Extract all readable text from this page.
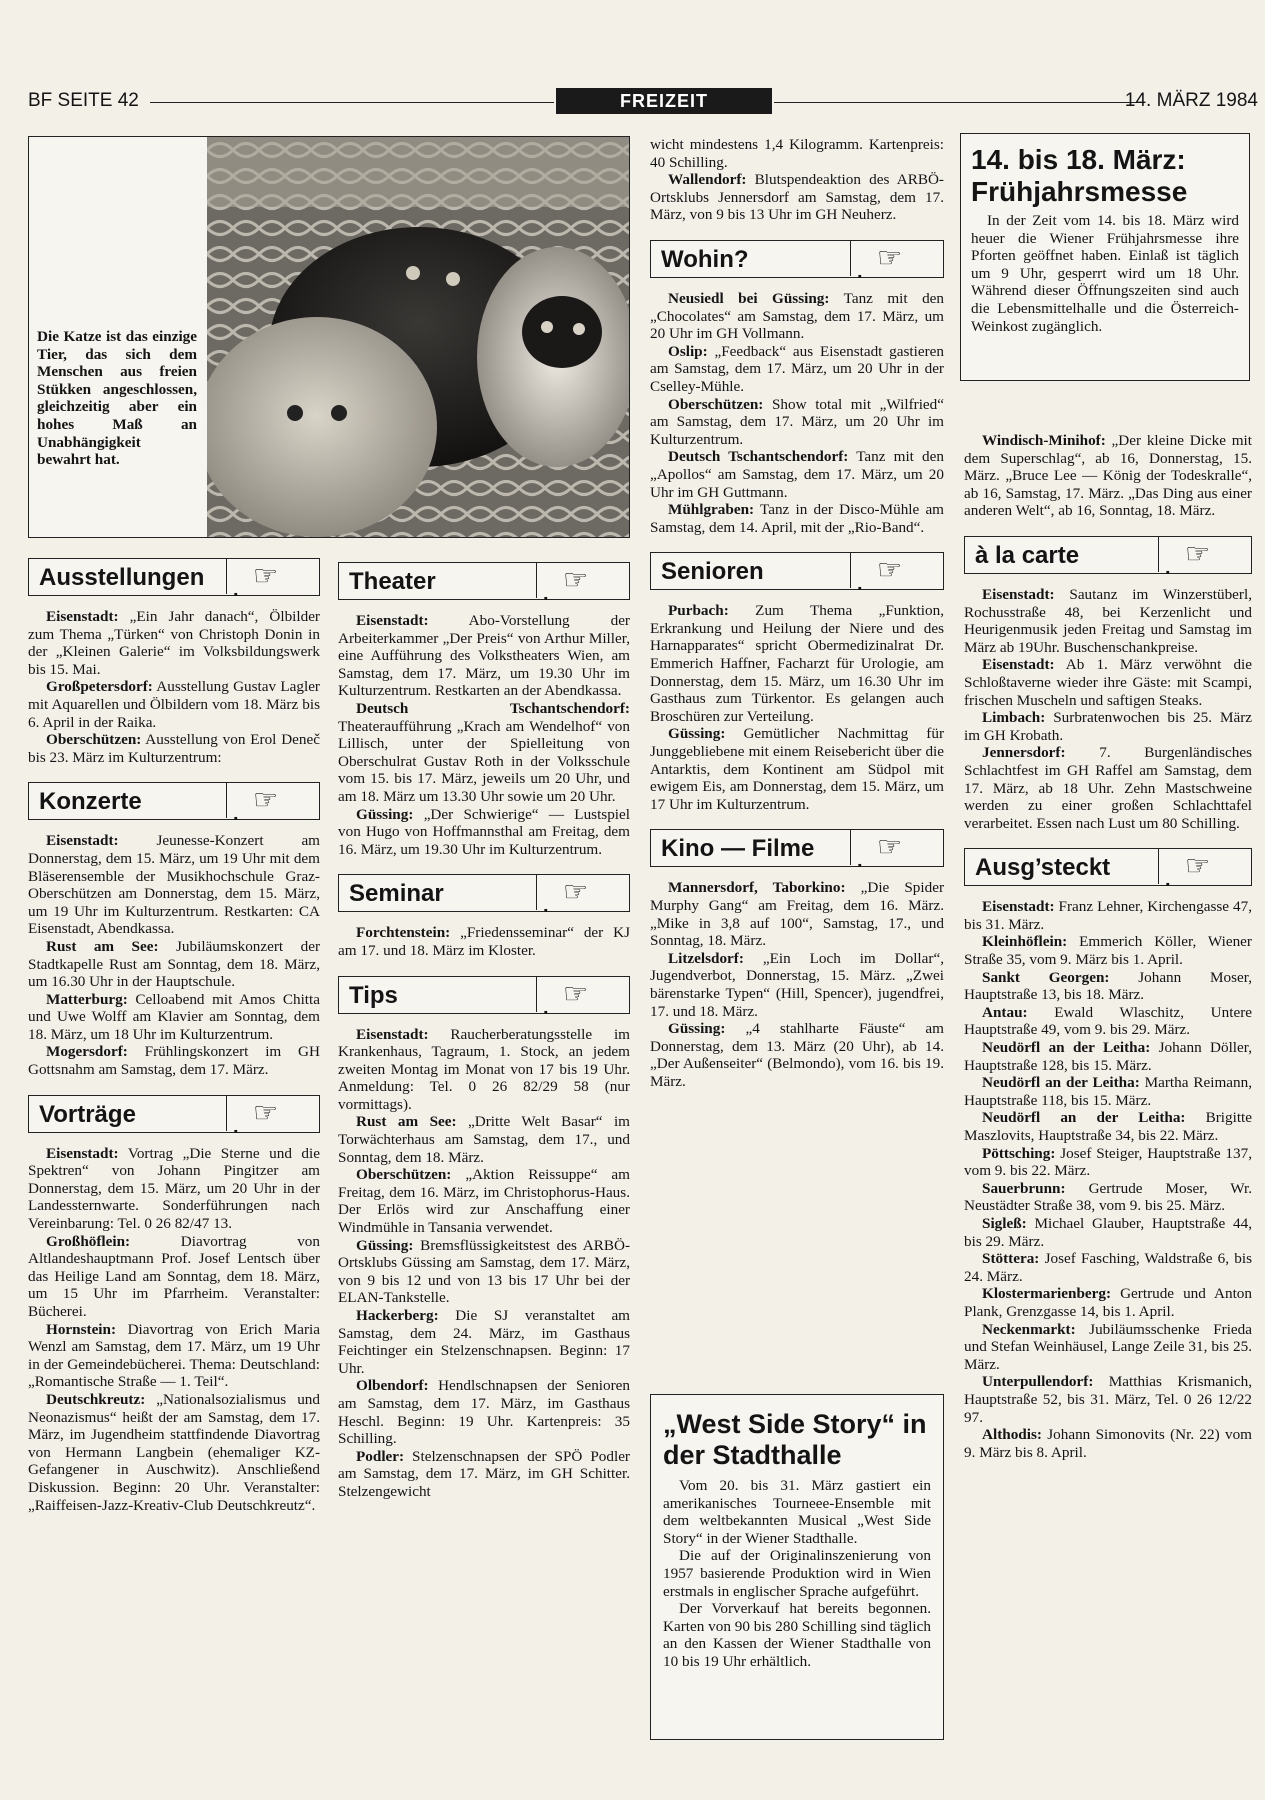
BF SEITE 42	FREIZEIT	14. MÄRZ 1984
Die Katze ist das einzige Tier, das sich dem Menschen aus freien Stükken angeschlossen, gleichzeitig aber ein hohes Maß an Unabhängigkeit bewahrt hat.
Ausstellungen . ☞

Eisenstadt: „Ein Jahr danach“, Ölbilder zum Thema „Türken“ von Christoph Donin in der „Kleinen Galerie“ im Volksbildungswerk bis 15. Mai.

Großpetersdorf: Ausstellung Gustav Lagler mit Aquarellen und Ölbildern vom 18. März bis 6. April in der Raika.

Oberschützen: Ausstellung von Erol Deneč bis 23. März im Kulturzentrum:

Konzerte	. ☞

Eisenstadt: Jeunesse-Konzert am Donnerstag, dem 15. März, um 19 Uhr mit dem Bläserensemble der Musikhochschule Graz-Oberschützen am Donnerstag, dem 15. März, um 19 Uhr im Kulturzentrum. Restkarten: CA Eisenstadt, Abendkassa.

Rust am See: Jubiläumskonzert der Stadtkapelle Rust am Sonntag, dem 18. März, um 16.30 Uhr in der Hauptschule.

Matterburg: Celloabend mit Amos Chitta und Uwe Wolff am Klavier am Sonntag, dem 18. März, um 18 Uhr im Kulturzentrum.

Mogersdorf: Frühlingskonzert im GH Gottsnahm am Samstag, dem 17. März.

Vorträge	. ☞

Eisenstadt: Vortrag „Die Sterne und die Spektren“ von Johann Pingitzer am Donnerstag, dem 15. März, um 20 Uhr in der Landessternwarte. Sonderführungen nach Vereinbarung: Tel. 0 26 82/47 13.

Großhöflein: Diavortrag von Altlandeshauptmann Prof. Josef Lentsch über das Heilige Land am Sonntag, dem 18. März, um 15 Uhr im Pfarrheim. Veranstalter: Bücherei.

Hornstein: Diavortrag von Erich Maria Wenzl am Samstag, dem 17. März, um 19 Uhr in der Gemeindebücherei. Thema: Deutschland: „Romantische Straße — 1. Teil“.

Deutschkreutz: „Nationalsozialismus und Neonazismus“ heißt der am Samstag, dem 17. März, im Jugendheim stattfindende Diavortrag von Hermann Langbein (ehemaliger KZ-Gefangener in Auschwitz). Anschließend Diskussion. Beginn: 20 Uhr. Veranstalter: „Raiffeisen-Jazz-Kreativ-Club Deutschkreutz“.

Theater	. ☞

Eisenstadt: Abo-Vorstellung der Arbeiterkammer „Der Preis“ von Arthur Miller, eine Aufführung des Volkstheaters Wien, am Samstag, dem 17. März, um 19.30 Uhr im Kulturzentrum. Restkarten an der Abendkassa.

Deutsch Tschantschendorf: Theateraufführung „Krach am Wendelhof“ von Lillisch, unter der Spielleitung von Oberschulrat Gustav Roth in der Volksschule vom 15. bis 17. März, jeweils um 20 Uhr, und am 18. März um 13.30 Uhr sowie um 20 Uhr.

Güssing: „Der Schwierige“ — Lustspiel von Hugo von Hoffmannsthal am Freitag, dem 16. März, um 19.30 Uhr im Kulturzentrum.

Seminar	. ☞

Forchtenstein: „Friedensseminar“ der KJ am 17. und 18. März im Kloster.

Tips	. ☞

Eisenstadt: Raucherberatungsstelle im Krankenhaus, Tagraum, 1. Stock, an jedem zweiten Montag im Monat von 17 bis 19 Uhr. Anmeldung: Tel. 0 26 82/29 58 (nur vormittags).

Rust am See: „Dritte Welt Basar“ im Torwächterhaus am Samstag, dem 17., und Sonntag, dem 18. März.

Oberschützen: „Aktion Reissuppe“ am Freitag, dem 16. März, im Christophorus-Haus. Der Erlös wird zur Anschaffung einer Windmühle in Tansania verwendet.

Güssing: Bremsflüssigkeitstest des ARBÖ-Ortsklubs Güssing am Samstag, dem 17. März, von 9 bis 12 und von 13 bis 17 Uhr bei der ELAN-Tankstelle.

Hackerberg: Die SJ veranstaltet am Samstag, dem 24. März, im Gasthaus Feichtinger ein Stelzenschnapsen. Beginn: 17 Uhr.

Olbendorf: Hendlschnapsen der Senioren am Samstag, dem 17. März, im Gasthaus Heschl. Beginn: 19 Uhr. Kartenpreis: 35 Schilling.

Podler: Stelzenschnapsen der SPÖ Podler am Samstag, dem 17. März, im GH Schitter. Stelzengewicht

wicht mindestens 1,4 Kilogramm. Kartenpreis: 40 Schilling.

Wallendorf: Blutspendeaktion des ARBÖ-Ortsklubs Jennersdorf am Samstag, dem 17. März, von 9 bis 13 Uhr im GH Neuherz.

Wohin?	. ☞

Neusiedl bei Güssing: Tanz mit den „Chocolates“ am Samstag, dem 17. März, um 20 Uhr im GH Vollmann.

Oslip: „Feedback“ aus Eisenstadt gastieren am Samstag, dem 17. März, um 20 Uhr in der Cselley-Mühle.

Oberschützen: Show total mit „Wilfried“ am Samstag, dem 17. März, um 20 Uhr im Kulturzentrum.

Deutsch Tschantschendorf: Tanz mit den „Apollos“ am Samstag, dem 17. März, um 20 Uhr im GH Guttmann.

Mühlgraben: Tanz in der Disco-Mühle am Samstag, dem 14. April, mit der „Rio-Band“.

Senioren	. ☞

Purbach: Zum Thema „Funktion, Erkrankung und Heilung der Niere und des Harnapparates“ spricht Obermedizinalrat Dr. Emmerich Haffner, Facharzt für Urologie, am Donnerstag, dem 15. März, um 16.30 Uhr im Gasthaus zum Türkentor. Es gelangen auch Broschüren zur Verteilung.

Güssing: Gemütlicher Nachmittag für Junggebliebene mit einem Reisebericht über die Antarktis, dem Kontinent am Südpol mit ewigem Eis, am Donnerstag, dem 15. März, um 17 Uhr im Kulturzentrum.

Kino — Filme . ☞

Mannersdorf, Taborkino: „Die Spider Murphy Gang“ am Freitag, dem 16. März. „Mike in 3,8 auf 100“, Samstag, 17., und Sonntag, 18. März.

Litzelsdorf: „Ein Loch im Dollar“, Jugendverbot, Donnerstag, 15. März. „Zwei bärenstarke Typen“ (Hill, Spencer), jugendfrei, 17. und 18. März.

Güssing: „4 stahlharte Fäuste“ am Donnerstag, dem 13. März (20 Uhr), ab 14. „Der Außenseiter“ (Belmondo), vom 16. bis 19. März.

„West Side Story“ in der Stadthalle

Vom 20. bis 31. März gastiert ein amerikanisches Tourneee-Ensemble mit dem weltbekannten Musical „West Side Story“ in der Wiener Stadthalle.

Die auf der Originalinszenierung von 1957 basierende Produktion wird in Wien erstmals in englischer Sprache aufgeführt.

Der Vorverkauf hat bereits begonnen. Karten von 90 bis 280 Schilling sind täglich an den Kassen der Wiener Stadthalle von 10 bis 19 Uhr erhältlich.

14. bis 18. März: Frühjahrsmesse

In der Zeit vom 14. bis 18. März wird heuer die Wiener Frühjahrsmesse ihre Pforten geöffnet haben. Einlaß ist täglich um 9 Uhr, gesperrt wird um 18 Uhr. Während dieser Öffnungszeiten sind auch die Lebensmittelhalle und die Österreich-Weinkost zugänglich.

Windisch-Minihof: „Der kleine Dicke mit dem Superschlag“, ab 16, Donnerstag, 15. März. „Bruce Lee — König der Todeskralle“, ab 16, Samstag, 17. März. „Das Ding aus einer anderen Welt“, ab 16, Sonntag, 18. März.

à la carte	. ☞

Eisenstadt: Sautanz im Winzerstüberl, Rochusstraße 48, bei Kerzenlicht und Heurigenmusik jeden Freitag und Samstag im März ab 19Uhr. Buschenschankpreise.

Eisenstadt: Ab 1. März verwöhnt die Schloßtaverne wieder ihre Gäste: mit Scampi, frischen Muscheln und saftigen Steaks.

Limbach: Surbratenwochen bis 25. März im GH Krobath.

Jennersdorf: 7. Burgenländisches Schlachtfest im GH Raffel am Samstag, dem 17. März, ab 18 Uhr. Zehn Mastschweine werden zu einer großen Schlachttafel verarbeitet. Essen nach Lust um 80 Schilling.

Ausg’steckt	. ☞

Eisenstadt: Franz Lehner, Kirchengasse 47, bis 31. März.

Kleinhöflein: Emmerich Köller, Wiener Straße 35, vom 9. März bis 1. April.

Sankt Georgen: Johann Moser, Hauptstraße 13, bis 18. März.

Antau: Ewald Wlaschitz, Untere Hauptstraße 49, vom 9. bis 29. März.

Neudörfl an der Leitha: Johann Döller, Hauptstraße 128, bis 15. März.

Neudörfl an der Leitha: Martha Reimann, Hauptstraße 118, bis 15. März.

Neudörfl an der Leitha: Brigitte Maszlovits, Hauptstraße 34, bis 22. März.

Pöttsching: Josef Steiger, Hauptstraße 137, vom 9. bis 22. März.

Sauerbrunn: Gertrude Moser, Wr. Neustädter Straße 38, vom 9. bis 25. März.

Sigleß: Michael Glauber, Hauptstraße 44, bis 29. März.

Stöttera: Josef Fasching, Waldstraße 6, bis 24. März.

Klostermarienberg: Gertrude und Anton Plank, Grenzgasse 14, bis 1. April.

Neckenmarkt: Jubiläumsschenke Frieda und Stefan Weinhäusel, Lange Zeile 31, bis 25. März.

Unterpullendorf: Matthias Krismanich, Hauptstraße 52, bis 31. März, Tel. 0 26 12/22 97.

Althodis: Johann Simonovits (Nr. 22) vom 9. März bis 8. April.
